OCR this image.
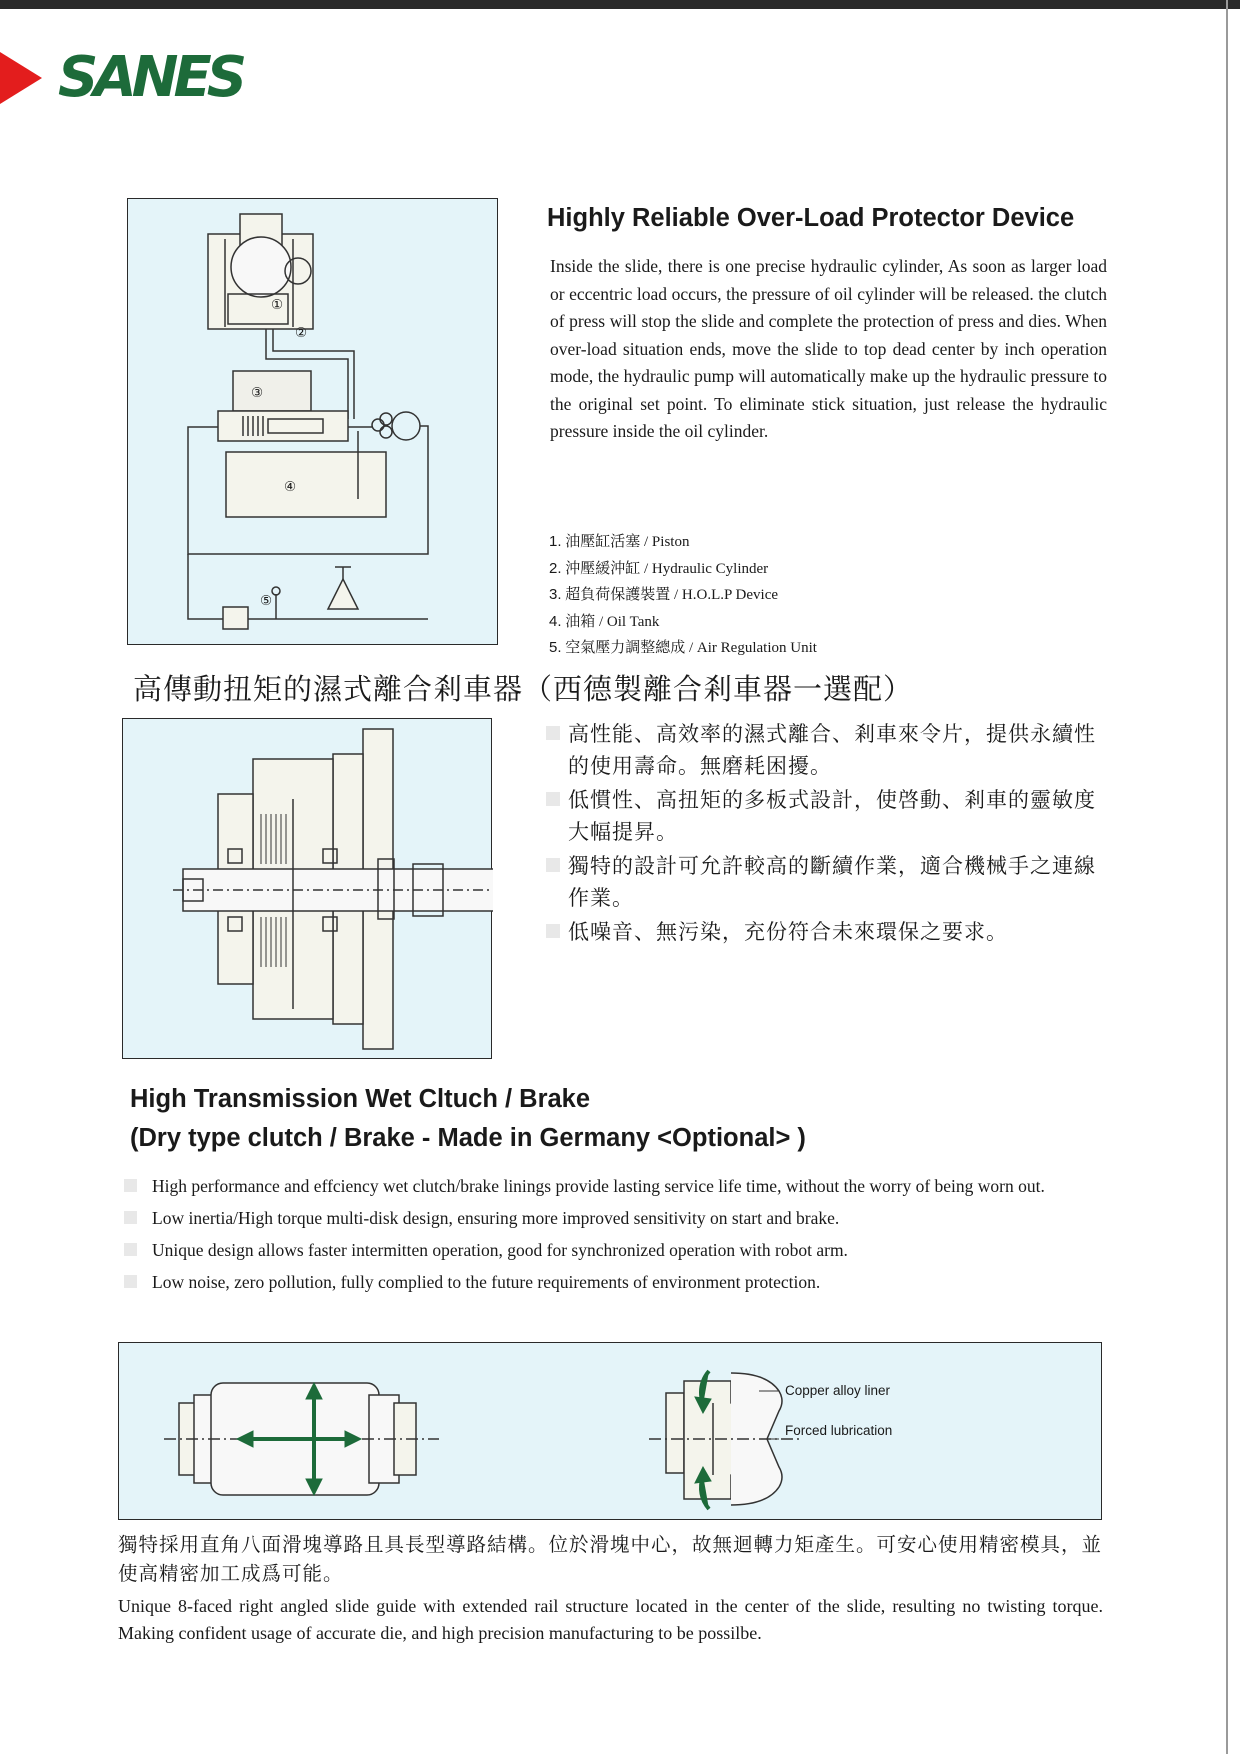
SANES
①
②
③
④
⑤
Highly Reliable Over-Load Protector Device
Inside the slide, there is one precise hydraulic cylinder, As soon as larger load or eccentric load occurs, the pressure of oil cylinder will be released. the clutch of press will stop the slide and complete the protection of press and dies. When over-load situation ends, move the slide to top dead center by inch operation mode, the hydraulic pump will automatically make up the hydraulic pressure to the original set point. To eliminate stick situation, just release the hydraulic pressure inside the oil cylinder.
1. 油壓缸活塞 / Piston
2. 沖壓緩沖缸 / Hydraulic Cylinder
3. 超負荷保護裝置 / H.O.L.P Device
4. 油箱 / Oil Tank
5. 空氣壓力調整總成 / Air Regulation Unit
高傳動扭矩的濕式離合剎車器（西德製離合剎車器一選配）
高性能、高效率的濕式離合、剎車來令片，提供永續性的使用壽命。無磨耗困擾。
低慣性、高扭矩的多板式設計，使啓動、剎車的靈敏度大幅提昇。
獨特的設計可允許較高的斷續作業，適合機械手之連線作業。
低噪音、無污染，充份符合未來環保之要求。
High Transmission Wet Cltuch / Brake
(Dry type clutch / Brake - Made in Germany <Optional> )
High performance and effciency wet clutch/brake linings provide lasting service life time, without the worry of being worn out.
Low inertia/High torque multi-disk design, ensuring more improved sensitivity on start and brake.
Unique design allows faster intermitten operation, good for synchronized operation with robot arm.
Low noise, zero pollution, fully complied to the future requirements of environment protection.
Copper alloy liner
Forced lubrication
獨特採用直角八面滑塊導路且具長型導路結構。位於滑塊中心，故無迴轉力矩產生。可安心使用精密模具，並使高精密加工成爲可能。
Unique 8-faced right angled slide guide with extended rail structure located in the center of the slide, resulting no twisting torque. Making confident usage of accurate die, and high precision manufacturing to be possilbe.
